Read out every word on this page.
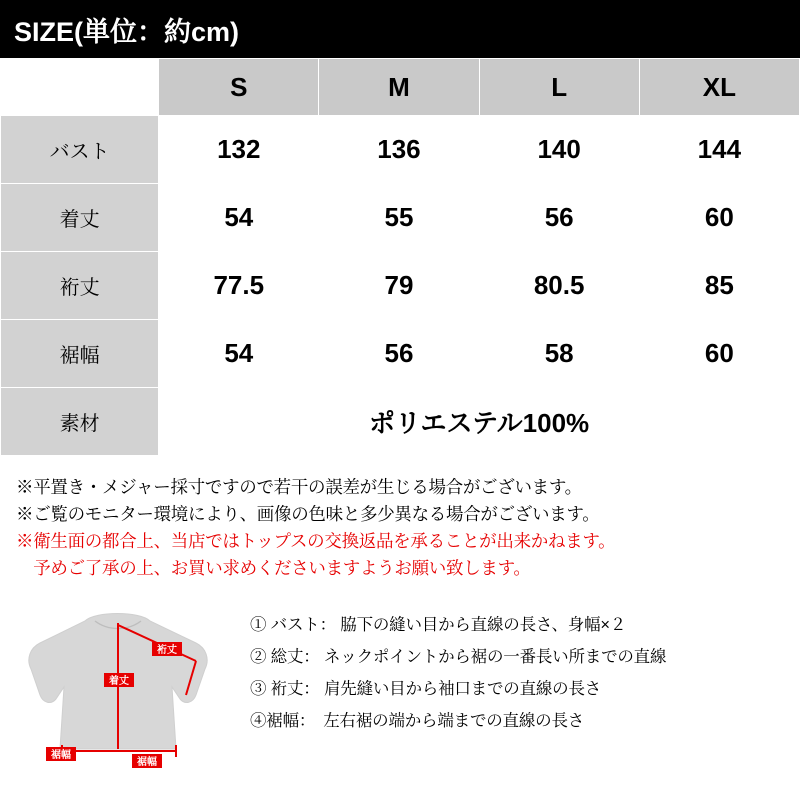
SIZE(単位：約cm)
	S	M	L	XL
バスト	132	136	140	144
着丈	54	55	56	60
裄丈	77.5	79	80.5	85
裾幅	54	56	58	60
素材	ポリエステル100%			
※平置き・メジャー採寸ですので若干の誤差が生じる場合がございます。
※ご覧のモニター環境により、画像の色味と多少異なる場合がございます。
※衛生面の都合上、当店ではトップスの交換返品を承ることが出来かねます。
　予めご了承の上、お買い求めくださいますようお願い致します。
裄丈
着丈
裾幅
裾幅
① バスト： 脇下の縫い目から直線の長さ、身幅×２
② 総丈： ネックポイントから裾の一番長い所までの直線
③ 裄丈： 肩先縫い目から袖口までの直線の長さ
④裾幅：　左右裾の端から端までの直線の長さ
